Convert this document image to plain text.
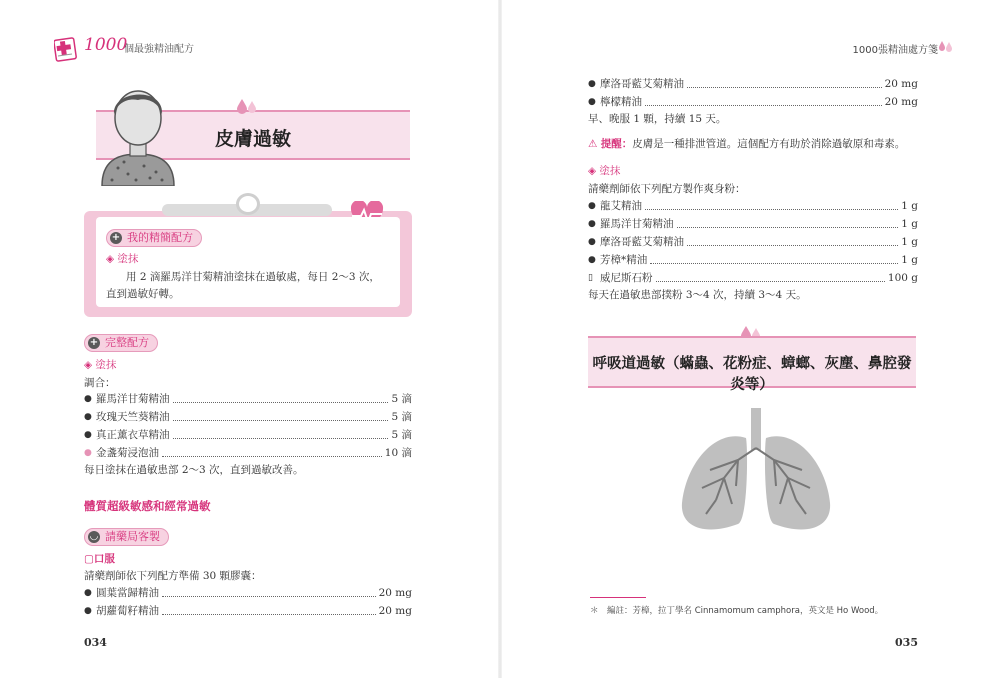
1000
個最強精油配方
皮膚過敏
+ 我的精簡配方
◈ 塗抹
用 2 滴羅馬洋甘菊精油塗抹在過敏處，每日 2～3 次，
直到過敏好轉。
+ 完整配方
◈ 塗抹
調合：
● 羅馬洋甘菊精油	5 滴
● 玫瑰天竺葵精油	5 滴
● 真正薰衣草精油	5 滴
● 金盞菊浸泡油	10 滴
每日塗抹在過敏患部 2～3 次，直到過敏改善。
體質超級敏感和經常過敏
◡ 請藥局客製
▢口服
請藥劑師依下列配方準備 30 顆膠囊：
● 圓葉當歸精油	20 mg
● 胡蘿蔔籽精油	20 mg
034
1000張精油處方箋
● 摩洛哥藍艾菊精油	20 mg
● 檸檬精油	20 mg
早、晚服 1 顆，持續 15 天。
⚠ 提醒：皮膚是一種排泄管道。這個配方有助於消除過敏原和毒素。
◈ 塗抹
請藥劑師依下列配方製作爽身粉：
● 龍艾精油	1 g
● 羅馬洋甘菊精油	1 g
● 摩洛哥藍艾菊精油	1 g
● 芳樟*精油	1 g
▯ 威尼斯石粉	100 g
每天在過敏患部撲粉 3～4 次，持續 3～4 天。
呼吸道過敏（蟎蟲、花粉症、蟑螂、灰塵、鼻腔發炎等）
＊　編註：芳樟，拉丁學名 Cinnamomum camphora，英文是 Ho Wood。
035
